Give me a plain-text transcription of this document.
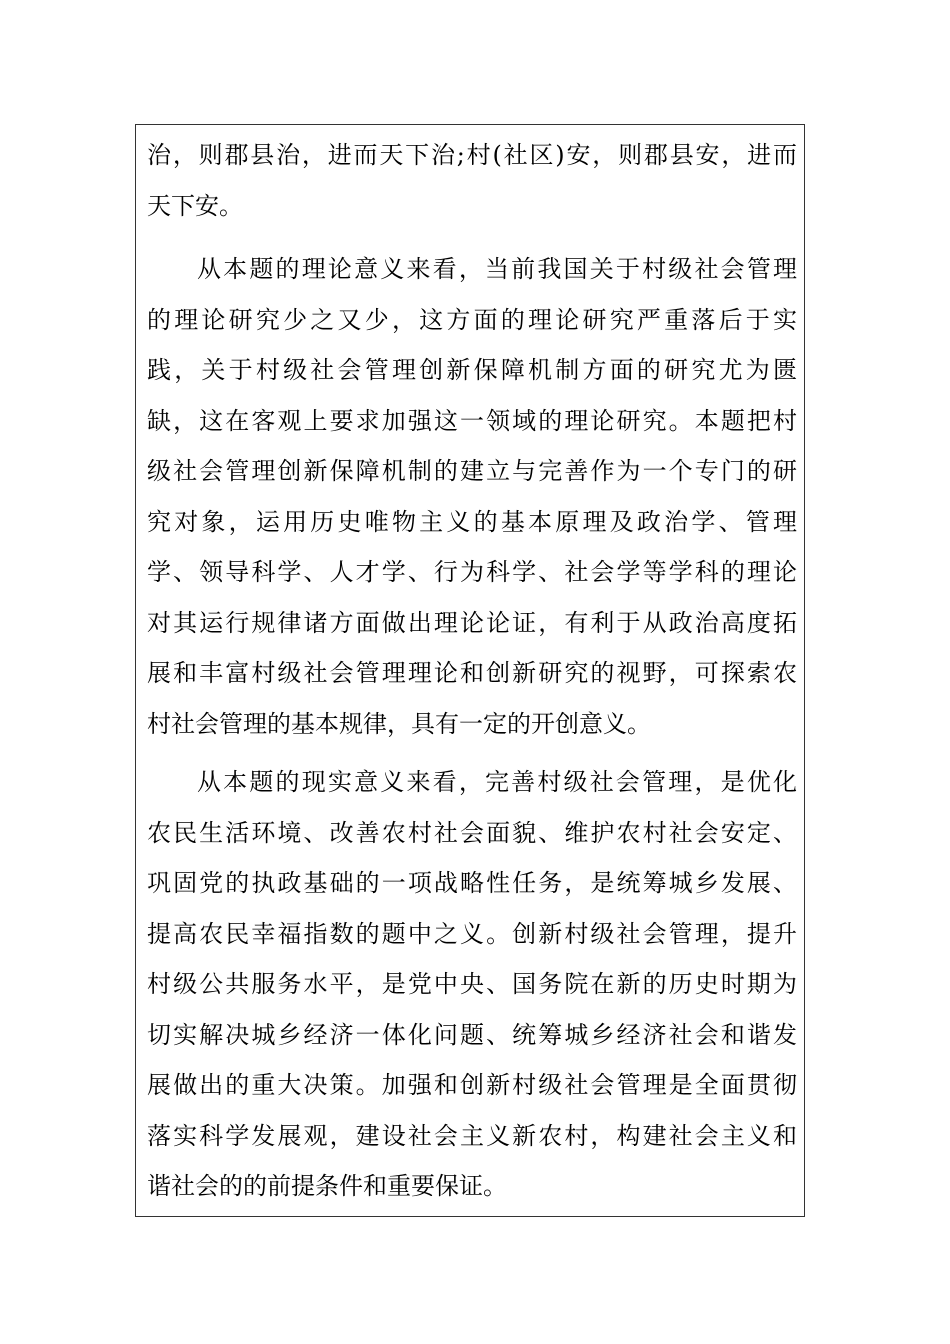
治，则郡县治，进而天下治;村(社区)安，则郡县安，进而
天下安。
从本题的理论意义来看，当前我国关于村级社会管理
的理论研究少之又少，这方面的理论研究严重落后于实
践，关于村级社会管理创新保障机制方面的研究尤为匮
缺，这在客观上要求加强这一领域的理论研究。本题把村
级社会管理创新保障机制的建立与完善作为一个专门的研
究对象，运用历史唯物主义的基本原理及政治学、管理
学、领导科学、人才学、行为科学、社会学等学科的理论
对其运行规律诸方面做出理论论证，有利于从政治高度拓
展和丰富村级社会管理理论和创新研究的视野，可探索农
村社会管理的基本规律，具有一定的开创意义。
从本题的现实意义来看，完善村级社会管理，是优化
农民生活环境、改善农村社会面貌、维护农村社会安定、
巩固党的执政基础的一项战略性任务，是统筹城乡发展、
提高农民幸福指数的题中之义。创新村级社会管理，提升
村级公共服务水平，是党中央、国务院在新的历史时期为
切实解决城乡经济一体化问题、统筹城乡经济社会和谐发
展做出的重大决策。加强和创新村级社会管理是全面贯彻
落实科学发展观，建设社会主义新农村，构建社会主义和
谐社会的的前提条件和重要保证。
